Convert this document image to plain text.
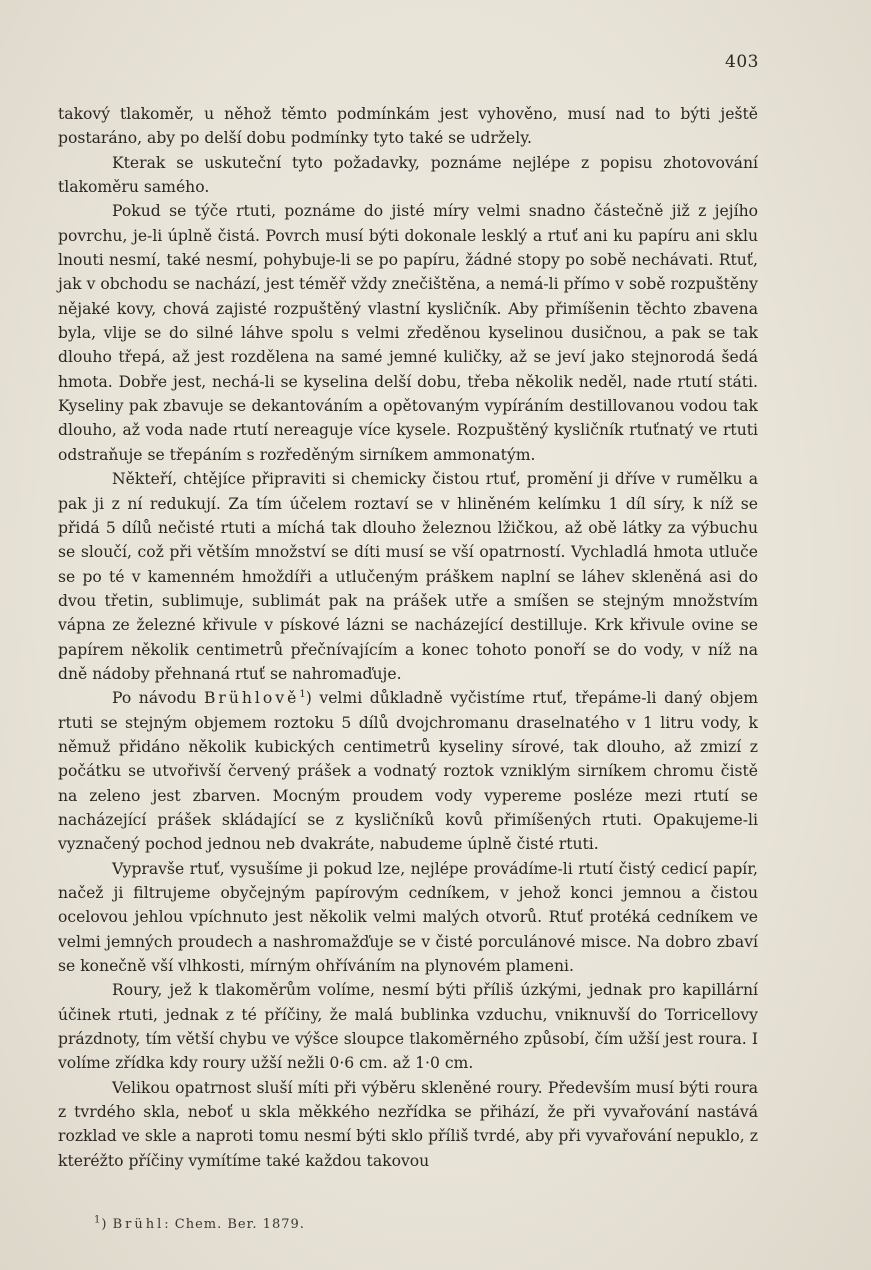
403

takový tlakoměr, u něhož těmto podmínkám jest vyhověno, musí nad to býti ještě postaráno, aby po delší dobu podmínky tyto také se udržely.

Kterak se uskuteční tyto požadavky, poznáme nejlépe z popisu zhotovování tlakoměru samého.

Pokud se týče rtuti, poznáme do jisté míry velmi snadno částečně již z jejího povrchu, je-li úplně čistá. Povrch musí býti dokonale lesklý a rtuť ani ku papíru ani sklu lnouti nesmí, také nesmí, pohybuje-li se po papíru, žádné stopy po sobě nechávati. Rtuť, jak v obchodu se nachází, jest téměř vždy znečištěna, a nemá-li přímo v sobě rozpuštěny nějaké kovy, chová zajisté rozpuštěný vlastní kysličník. Aby přimíšenin těchto zbavena byla, vlije se do silné láhve spolu s velmi zředěnou kyselinou dusičnou, a pak se tak dlouho třepá, až jest rozdělena na samé jemné kuličky, až se jeví jako stejnorodá šedá hmota. Dobře jest, nechá-li se kyselina delší dobu, třeba několik neděl, nade rtutí státi. Kyseliny pak zbavuje se dekantováním a opětovaným vypíráním destillovanou vodou tak dlouho, až voda nade rtutí nereaguje více kysele. Rozpuštěný kysličník rtuťnatý ve rtuti odstraňuje se třepáním s rozředěným sirníkem ammonatým.

Někteří, chtějíce připraviti si chemicky čistou rtuť, promění ji dříve v rumělku a pak ji z ní redukují. Za tím účelem roztaví se v hliněném kelímku 1 díl síry, k níž se přidá 5 dílů nečisté rtuti a míchá tak dlouho železnou lžičkou, až obě látky za výbuchu se sloučí, což při větším množství se díti musí se vší opatrností. Vychladlá hmota utluče se po té v kamenném hmoždíři a utlučeným práškem naplní se láhev skleněná asi do dvou třetin, sublimuje, sublimát pak na prášek utře a smíšen se stejným množstvím vápna ze železné křivule v pískové lázni se nacházející destilluje. Krk křivule ovine se papírem několik centimetrů přečnívajícím a konec tohoto ponoří se do vody, v níž na dně nádoby přehnaná rtuť se nahromaďuje.

Po návodu Brühlově$^1$) velmi důkladně vyčistíme rtuť, třepáme-li daný objem rtuti se stejným objemem roztoku 5 dílů dvojchromanu draselnatého v 1 litru vody, k němuž přidáno několik kubických centimetrů kyseliny sírové, tak dlouho, až zmizí z počátku se utvořivší červený prášek a vodnatý roztok vzniklým sirníkem chromu čistě na zeleno jest zbarven. Mocným proudem vody vypereme posléze mezi rtutí se nacházející prášek skládající se z kysličníků kovů přimíšených rtuti. Opakujeme-li vyznačený pochod jednou neb dvakráte, nabudeme úplně čisté rtuti.

Vypravše rtuť, vysušíme ji pokud lze, nejlépe provádíme-li rtutí čistý cedicí papír, načež ji filtrujeme obyčejným papírovým cedníkem, v jehož konci jemnou a čistou ocelovou jehlou vpíchnuto jest několik velmi malých otvorů. Rtuť protéká cedníkem ve velmi jemných proudech a nashromažďuje se v čisté porculánové misce. Na dobro zbaví se konečně vší vlhkosti, mírným ohříváním na plynovém plameni.

Roury, jež k tlakoměrům volíme, nesmí býti příliš úzkými, jednak pro kapillární účinek rtuti, jednak z té příčiny, že malá bublinka vzduchu, vniknuvší do Torricellovy prázdnoty, tím větší chybu ve výšce sloupce tlakoměrného způsobí, čím užší jest roura. I volíme zřídka kdy roury užší nežli 0·6 cm. až 1·0 cm.

Velikou opatrnost sluší míti při výběru skleněné roury. Především musí býti roura z tvrdého skla, neboť u skla měkkého nezřídka se přihází, že při vyvařování nastává rozklad ve skle a naproti tomu nesmí býti sklo příliš tvrdé, aby při vyvařování nepuklo, z kteréžto příčiny vymítíme také každou takovou

$^1$) Brühl: Chem. Ber. 1879.
